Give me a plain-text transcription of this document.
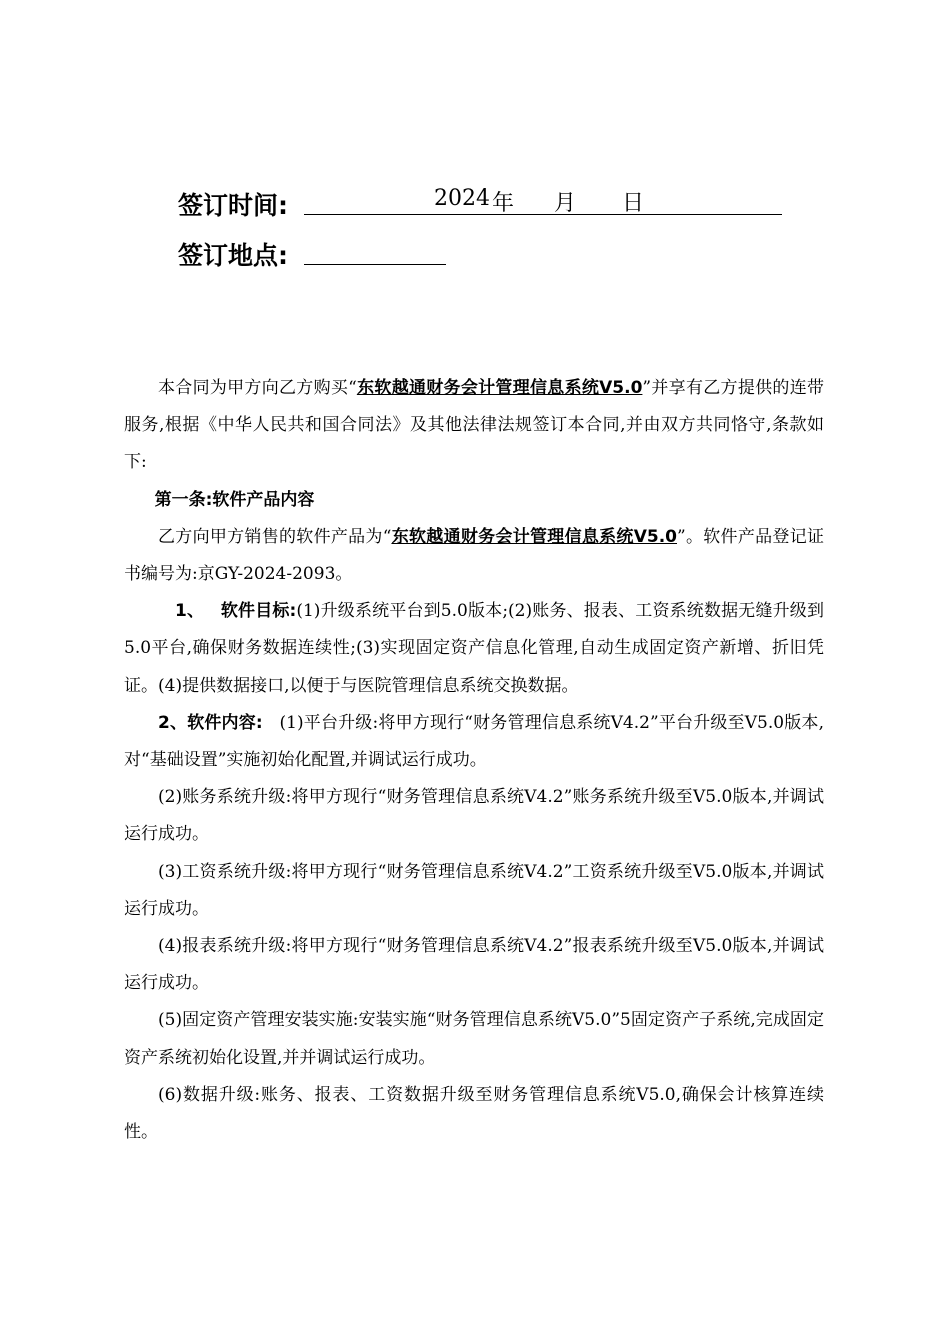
签订时间:	2024 年 月 日
签订地点:

本合同为甲方向乙方购买“东软越通财务会计管理信息系统V5.0”并享有乙方提供的连带服务,根据《中华人民共和国合同法》及其他法律法规签订本合同,并由双方共同恪守,条款如下:

第一条:软件产品内容

乙方向甲方销售的软件产品为“东软越通财务会计管理信息系统V5.0”。软件产品登记证书编号为:京GY-2024-2093。

1、 软件目标:(1)升级系统平台到5.0版本;(2)账务、报表、工资系统数据无缝升级到5.0平台,确保财务数据连续性;(3)实现固定资产信息化管理,自动生成固定资产新增、折旧凭证。(4)提供数据接口,以便于与医院管理信息系统交换数据。

2、软件内容: (1)平台升级:将甲方现行“财务管理信息系统V4.2”平台升级至V5.0版本,对“基础设置”实施初始化配置,并调试运行成功。

(2)账务系统升级:将甲方现行“财务管理信息系统V4.2”账务系统升级至V5.0版本,并调试运行成功。

(3)工资系统升级:将甲方现行“财务管理信息系统V4.2”工资系统升级至V5.0版本,并调试运行成功。

(4)报表系统升级:将甲方现行“财务管理信息系统V4.2”报表系统升级至V5.0版本,并调试运行成功。

(5)固定资产管理安装实施:安装实施“财务管理信息系统V5.0”5固定资产子系统,完成固定资产系统初始化设置,并并调试运行成功。

(6)数据升级:账务、报表、工资数据升级至财务管理信息系统V5.0,确保会计核算连续性。
